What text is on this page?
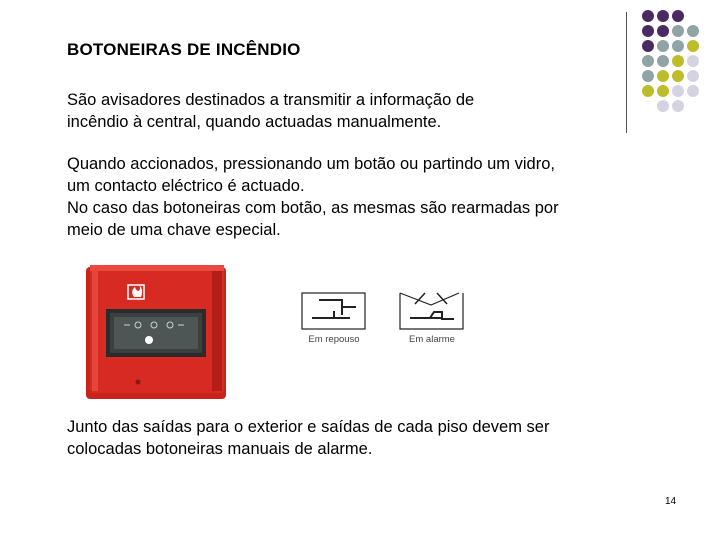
BOTONEIRAS DE INCÊNDIO
São avisadores destinados a transmitir a informação de incêndio à central, quando actuadas manualmente.
Quando accionados, pressionando um botão ou partindo um vidro, um contacto eléctrico é actuado.
No caso das botoneiras com botão, as mesmas são rearmadas por meio de uma chave especial.
Junto das saídas para o exterior e saídas de cada piso devem ser colocadas botoneiras manuais de alarme.
Em repouso	Em alarme
14
